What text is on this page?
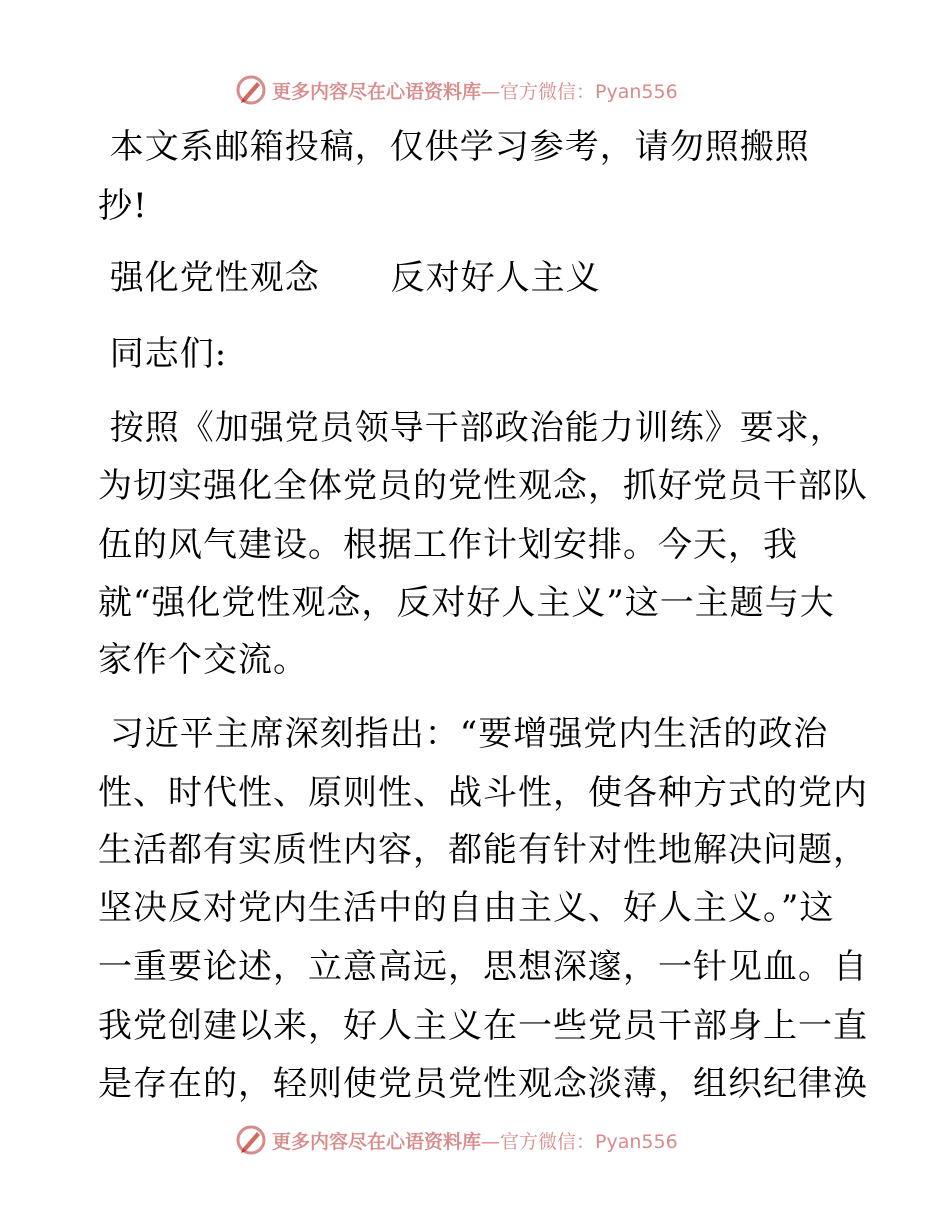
更多内容尽在心语资料库 —官方微信：Pyan556
本文系邮箱投稿，仅供学习参考，请勿照搬照
抄!
强化党性观念      反对好人主义
同志们:
按照《加强党员领导干部政治能力训练》要求，
为切实强化全体党员的党性观念，抓好党员干部队
伍的风气建设。根据工作计划安排。今天，我
就“强化党性观念，反对好人主义”这一主题与大
家作个交流。
习近平主席深刻指出：“要增强党内生活的政治
性、时代性、原则性、战斗性，使各种方式的党内
生活都有实质性内容，都能有针对性地解决问题，
坚决反对党内生活中的自由主义、好人主义。”这
一重要论述，立意高远，思想深邃，一针见血。自
我党创建以来，好人主义在一些党员干部身上一直
是存在的，轻则使党员党性观念淡薄，组织纪律涣
更多内容尽在心语资料库 —官方微信：Pyan556
